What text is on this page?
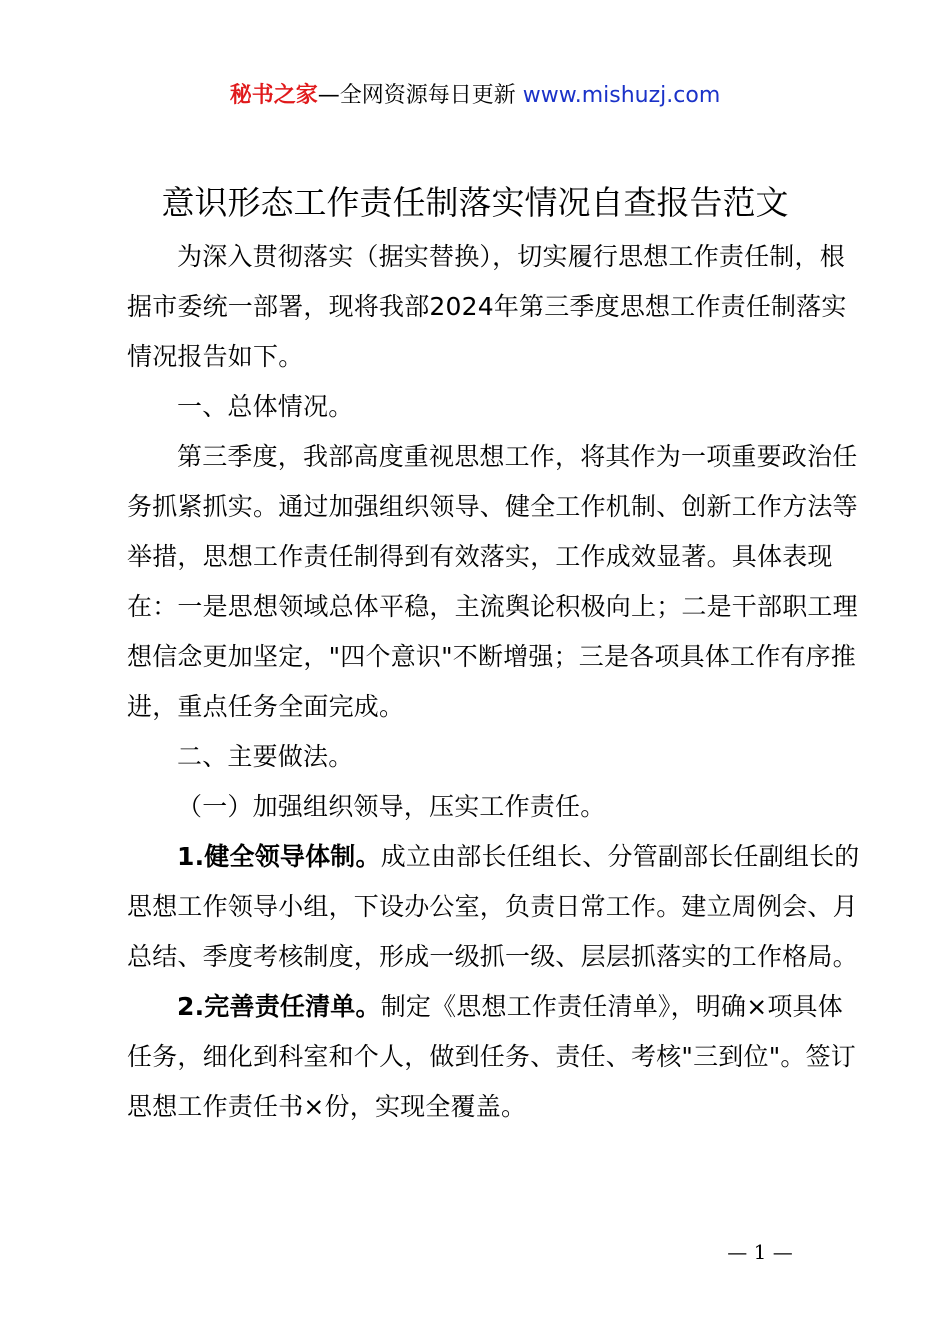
秘书之家—全网资源每日更新 www.mishuzj.com
意识形态工作责任制落实情况自查报告范文

为深入贯彻落实（据实替换），切实履行思想工作责任制，根据市委统一部署，现将我部2024年第三季度思想工作责任制落实情况报告如下。

一、总体情况。

第三季度，我部高度重视思想工作，将其作为一项重要政治任务抓紧抓实。通过加强组织领导、健全工作机制、创新工作方法等举措，思想工作责任制得到有效落实，工作成效显著。具体表现在：一是思想领域总体平稳，主流舆论积极向上；二是干部职工理想信念更加坚定，"四个意识"不断增强；三是各项具体工作有序推进，重点任务全面完成。

二、主要做法。

（一）加强组织领导，压实工作责任。

1.健全领导体制。成立由部长任组长、分管副部长任副组长的思想工作领导小组，下设办公室，负责日常工作。建立周例会、月总结、季度考核制度，形成一级抓一级、层层抓落实的工作格局。

2.完善责任清单。制定《思想工作责任清单》，明确×项具体任务，细化到科室和个人，做到任务、责任、考核"三到位"。签订思想工作责任书×份，实现全覆盖。

— 1 —
